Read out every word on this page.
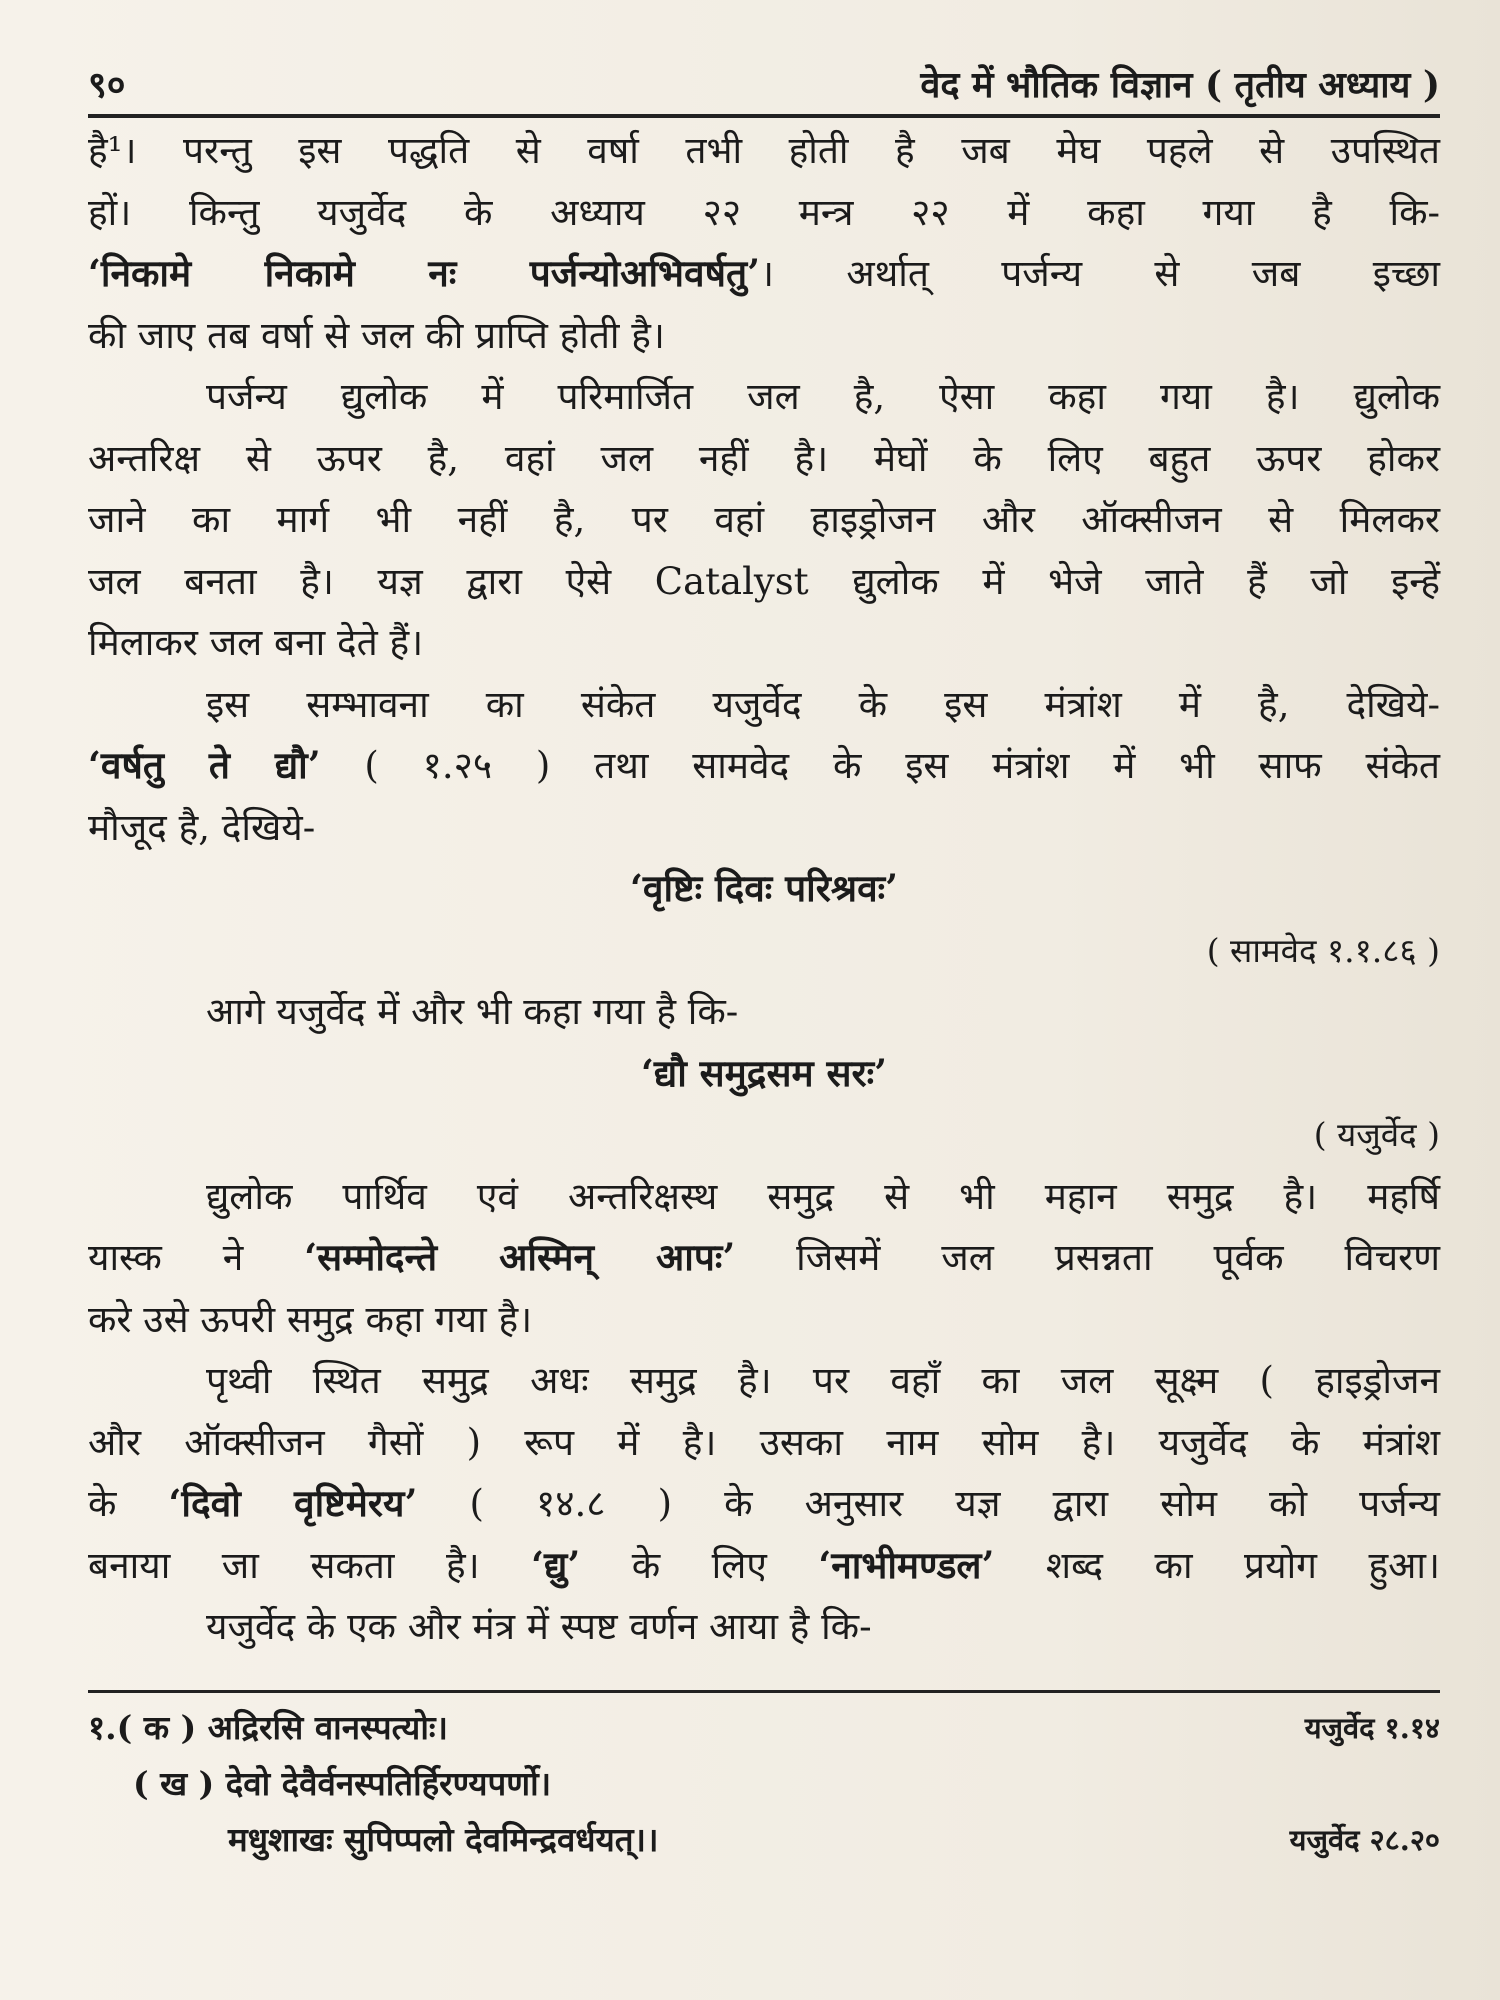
९०	वेद में भौतिक विज्ञान ( तृतीय अध्याय )
है¹। परन्तु इस पद्धति से वर्षा तभी होती है जब मेघ पहले से उपस्थित
हों। किन्तु यजुर्वेद के अध्याय २२ मन्त्र २२ में कहा गया है कि-
‘निकामे निकामे नः पर्जन्योअभिवर्षतु’। अर्थात् पर्जन्य से जब इच्छा
की जाए तब वर्षा से जल की प्राप्ति होती है।
पर्जन्य द्युलोक में परिमार्जित जल है, ऐसा कहा गया है। द्युलोक
अन्तरिक्ष से ऊपर है, वहां जल नहीं है। मेघों के लिए बहुत ऊपर होकर
जाने का मार्ग भी नहीं है, पर वहां हाइड्रोजन और ऑक्सीजन से मिलकर
जल बनता है। यज्ञ द्वारा ऐसे Catalyst द्युलोक में भेजे जाते हैं जो इन्हें
मिलाकर जल बना देते हैं।
इस सम्भावना का संकेत यजुर्वेद के इस मंत्रांश में है, देखिये-
‘वर्षतु ते द्यौ’ ( १.२५ ) तथा सामवेद के इस मंत्रांश में भी साफ संकेत
मौजूद है, देखिये-
‘वृष्टिः दिवः परिश्रवः’
( सामवेद १.१.८६ )
आगे यजुर्वेद में और भी कहा गया है कि-
‘द्यौ समुद्रसम सरः’
( यजुर्वेद )
द्युलोक पार्थिव एवं अन्तरिक्षस्थ समुद्र से भी महान समुद्र है। महर्षि
यास्क ने ‘सम्मोदन्ते अस्मिन् आपः’ जिसमें जल प्रसन्नता पूर्वक विचरण
करे उसे ऊपरी समुद्र कहा गया है।
पृथ्वी स्थित समुद्र अधः समुद्र है। पर वहाँ का जल सूक्ष्म ( हाइड्रोजन
और ऑक्सीजन गैसों ) रूप में है। उसका नाम सोम है। यजुर्वेद के मंत्रांश
के ‘दिवो वृष्टिमेरय’ ( १४.८ ) के अनुसार यज्ञ द्वारा सोम को पर्जन्य
बनाया जा सकता है। ‘द्यु’ के लिए ‘नाभीमण्डल’ शब्द का प्रयोग हुआ।
यजुर्वेद के एक और मंत्र में स्पष्ट वर्णन आया है कि-
१.( क ) अद्रिरसि वानस्पत्योः।	यजुर्वेद १.१४
( ख ) देवो देवैर्वनस्पतिर्हिरण्यपर्णो।
मधुशाखः सुपिप्पलो देवमिन्द्रवर्धयत्।।	यजुर्वेद २८.२०
